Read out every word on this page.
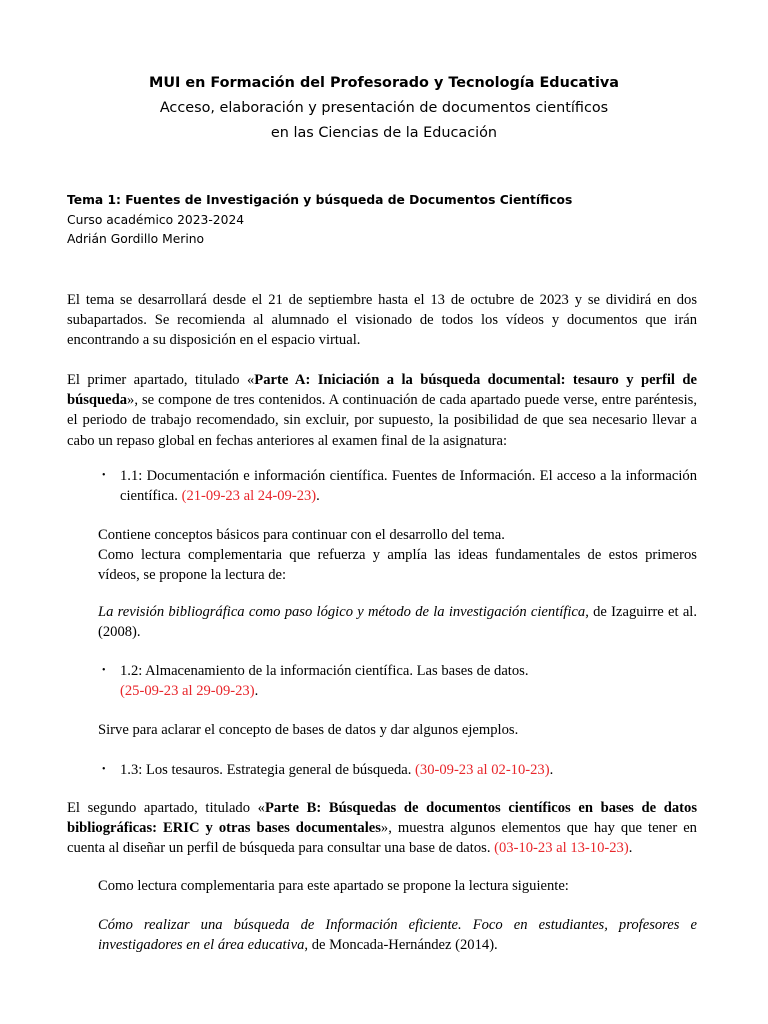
MUI en Formación del Profesorado y Tecnología Educativa
Acceso, elaboración y presentación de documentos científicos
en las Ciencias de la Educación
Tema 1: Fuentes de Investigación y búsqueda de Documentos Científicos
Curso académico 2023-2024
Adrián Gordillo Merino
El tema se desarrollará desde el 21 de septiembre hasta el 13 de octubre de 2023 y se dividirá en dos subapartados. Se recomienda al alumnado el visionado de todos los vídeos y documentos que irán encontrando a su disposición en el espacio virtual.
El primer apartado, titulado «Parte A: Iniciación a la búsqueda documental: tesauro y perfil de búsqueda», se compone de tres contenidos. A continuación de cada apartado puede verse, entre paréntesis, el periodo de trabajo recomendado, sin excluir, por supuesto, la posibilidad de que sea necesario llevar a cabo un repaso global en fechas anteriores al examen final de la asignatura:
• 1.1: Documentación e información científica. Fuentes de Información. El acceso a la información científica. (21-09-23 al 24-09-23).
Contiene conceptos básicos para continuar con el desarrollo del tema.
Como lectura complementaria que refuerza y amplía las ideas fundamentales de estos primeros vídeos, se propone la lectura de:
La revisión bibliográfica como paso lógico y método de la investigación científica, de Izaguirre et al. (2008).
• 1.2: Almacenamiento de la información científica. Las bases de datos.
(25-09-23 al 29-09-23).
Sirve para aclarar el concepto de bases de datos y dar algunos ejemplos.
• 1.3: Los tesauros. Estrategia general de búsqueda. (30-09-23 al 02-10-23).
El segundo apartado, titulado «Parte B: Búsquedas de documentos científicos en bases de datos bibliográficas: ERIC y otras bases documentales», muestra algunos elementos que hay que tener en cuenta al diseñar un perfil de búsqueda para consultar una base de datos. (03-10-23 al 13-10-23).
Como lectura complementaria para este apartado se propone la lectura siguiente:
Cómo realizar una búsqueda de Información eficiente. Foco en estudiantes, profesores e investigadores en el área educativa, de Moncada-Hernández (2014).
